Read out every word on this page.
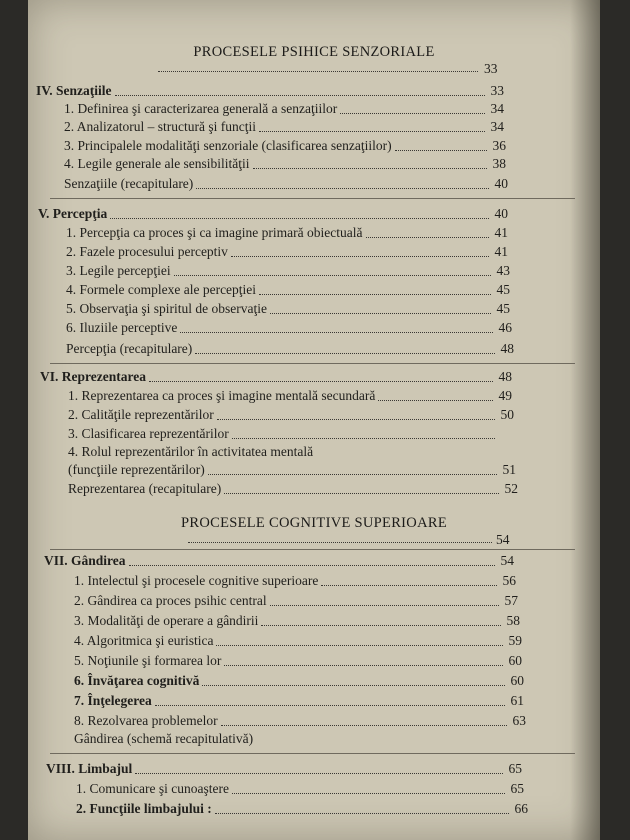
PROCESELE PSIHICE SENZORIALE
33
IV. Senzaţiile	33
1. Definirea şi caracterizarea generală a senzaţiilor	34
2. Analizatorul – structură şi funcţii	34
3. Principalele modalităţi senzoriale (clasificarea senzaţiilor)	36
4. Legile generale ale sensibilităţii	38
Senzaţiile (recapitulare)	40
V. Percepţia	40
1. Percepţia ca proces şi ca imagine primară obiectuală	41
2. Fazele procesului perceptiv	41
3. Legile percepţiei	43
4. Formele complexe ale percepţiei	45
5. Observaţia şi spiritul de observaţie	45
6. Iluziile perceptive	46
Percepţia (recapitulare)	48
VI. Reprezentarea	48
1. Reprezentarea ca proces şi imagine mentală secundară	49
2. Calităţile reprezentărilor	50
3. Clasificarea reprezentărilor
4. Rolul reprezentărilor în activitatea mentală
(funcţiile reprezentărilor)	51
Reprezentarea (recapitulare)	52
PROCESELE COGNITIVE SUPERIOARE
54
VII. Gândirea	54
1. Intelectul şi procesele cognitive superioare	56
2. Gândirea ca proces psihic central	57
3. Modalităţi de operare a gândirii	58
4. Algoritmica şi euristica	59
5. Noţiunile şi formarea lor	60
6. Învăţarea cognitivă	60
7. Înţelegerea	61
8. Rezolvarea problemelor	63
Gândirea (schemă recapitulativă)
VIII. Limbajul	65
1. Comunicare şi cunoaştere	65
2. Funcţiile limbajului :	66
